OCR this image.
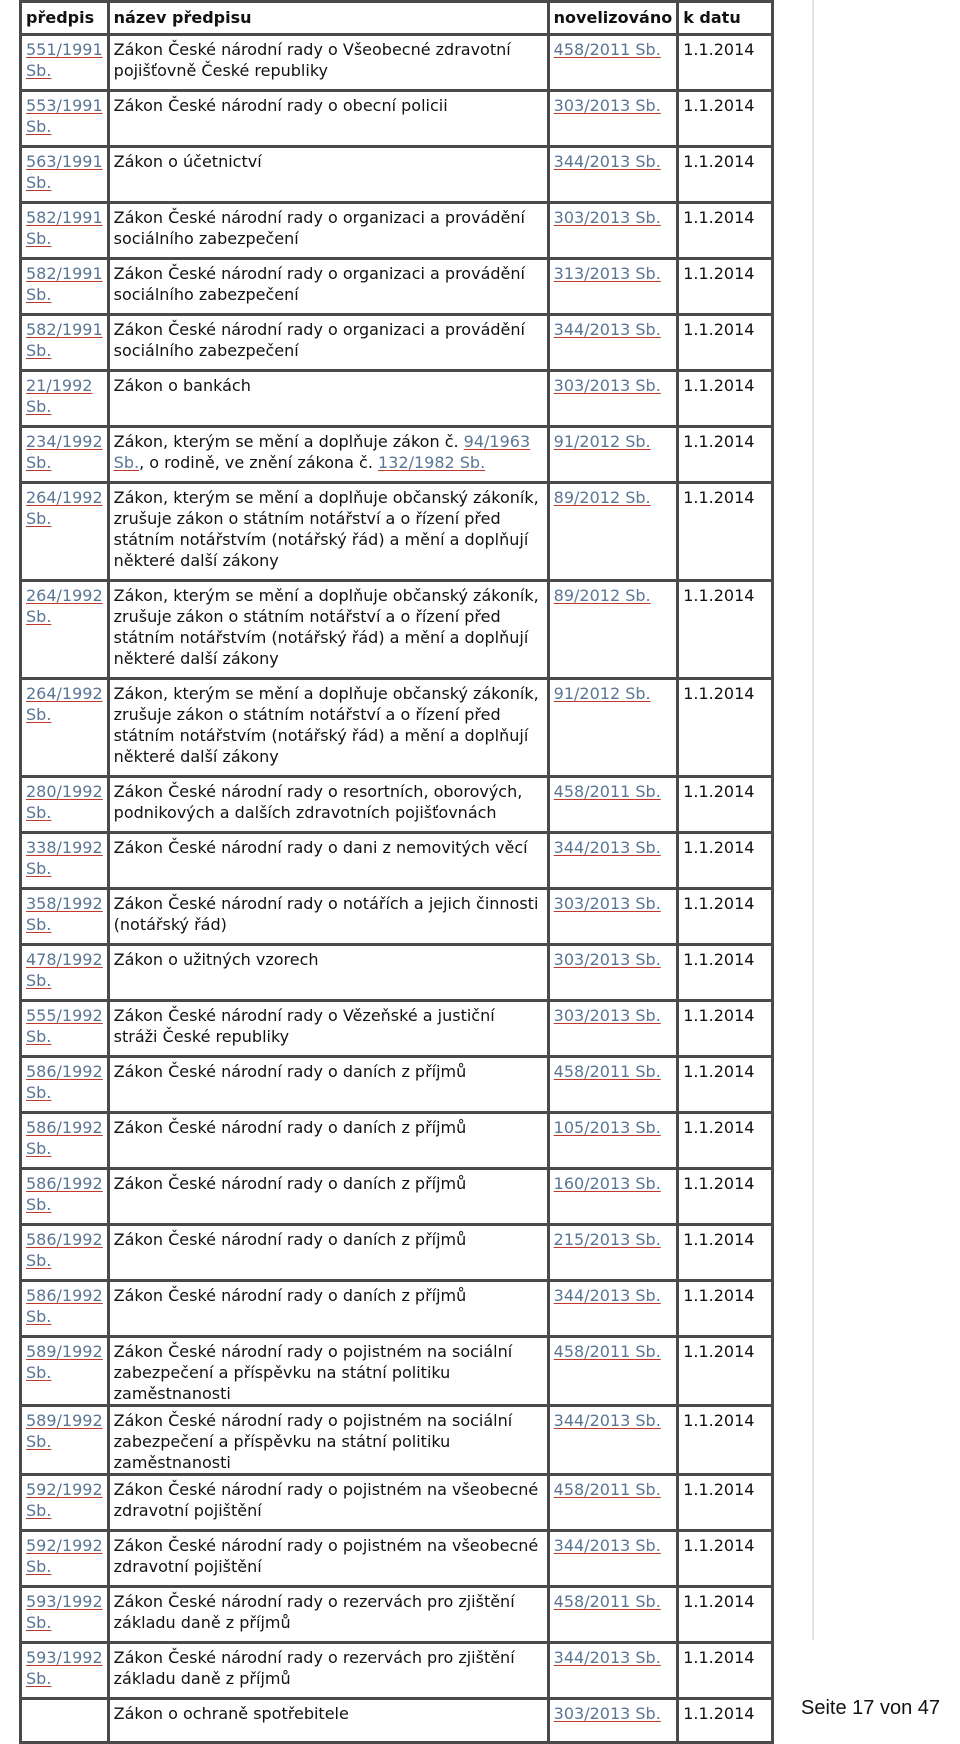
předpis	název předpisu	novelizováno	k datu
551/1991 Sb.	Zákon České národní rady o Všeobecné zdravotní pojišťovně České republiky	458/2011 Sb.	1.1.2014
553/1991 Sb.	Zákon České národní rady o obecní policii	303/2013 Sb.	1.1.2014
563/1991 Sb.	Zákon o účetnictví	344/2013 Sb.	1.1.2014
582/1991 Sb.	Zákon České národní rady o organizaci a provádění sociálního zabezpečení	303/2013 Sb.	1.1.2014
582/1991 Sb.	Zákon České národní rady o organizaci a provádění sociálního zabezpečení	313/2013 Sb.	1.1.2014
582/1991 Sb.	Zákon České národní rady o organizaci a provádění sociálního zabezpečení	344/2013 Sb.	1.1.2014
21/1992 Sb.	Zákon o bankách	303/2013 Sb.	1.1.2014
234/1992 Sb.	Zákon, kterým se mění a doplňuje zákon č. 94/1963 Sb., o rodině, ve znění zákona č. 132/1982 Sb.	91/2012 Sb.	1.1.2014
264/1992 Sb.	Zákon, kterým se mění a doplňuje občanský zákoník, zrušuje zákon o státním notářství a o řízení před státním notářstvím (notářský řád) a mění a doplňují některé další zákony	89/2012 Sb.	1.1.2014
264/1992 Sb.	Zákon, kterým se mění a doplňuje občanský zákoník, zrušuje zákon o státním notářství a o řízení před státním notářstvím (notářský řád) a mění a doplňují některé další zákony	89/2012 Sb.	1.1.2014
264/1992 Sb.	Zákon, kterým se mění a doplňuje občanský zákoník, zrušuje zákon o státním notářství a o řízení před státním notářstvím (notářský řád) a mění a doplňují některé další zákony	91/2012 Sb.	1.1.2014
280/1992 Sb.	Zákon České národní rady o resortních, oborových, podnikových a dalších zdravotních pojišťovnách	458/2011 Sb.	1.1.2014
338/1992 Sb.	Zákon České národní rady o dani z nemovitých věcí	344/2013 Sb.	1.1.2014
358/1992 Sb.	Zákon České národní rady o notářích a jejich činnosti (notářský řád)	303/2013 Sb.	1.1.2014
478/1992 Sb.	Zákon o užitných vzorech	303/2013 Sb.	1.1.2014
555/1992 Sb.	Zákon České národní rady o Vězeňské a justiční stráži České republiky	303/2013 Sb.	1.1.2014
586/1992 Sb.	Zákon České národní rady o daních z příjmů	458/2011 Sb.	1.1.2014
586/1992 Sb.	Zákon České národní rady o daních z příjmů	105/2013 Sb.	1.1.2014
586/1992 Sb.	Zákon České národní rady o daních z příjmů	160/2013 Sb.	1.1.2014
586/1992 Sb.	Zákon České národní rady o daních z příjmů	215/2013 Sb.	1.1.2014
586/1992 Sb.	Zákon České národní rady o daních z příjmů	344/2013 Sb.	1.1.2014
589/1992 Sb.	Zákon České národní rady o pojistném na sociální zabezpečení a příspěvku na státní politiku zaměstnanosti	458/2011 Sb.	1.1.2014
589/1992 Sb.	Zákon České národní rady o pojistném na sociální zabezpečení a příspěvku na státní politiku zaměstnanosti	344/2013 Sb.	1.1.2014
592/1992 Sb.	Zákon České národní rady o pojistném na všeobecné zdravotní pojištění	458/2011 Sb.	1.1.2014
592/1992 Sb.	Zákon České národní rady o pojistném na všeobecné zdravotní pojištění	344/2013 Sb.	1.1.2014
593/1992 Sb.	Zákon České národní rady o rezervách pro zjištění základu daně z příjmů	458/2011 Sb.	1.1.2014
593/1992 Sb.	Zákon České národní rady o rezervách pro zjištění základu daně z příjmů	344/2013 Sb.	1.1.2014
	Zákon o ochraně spotřebitele	303/2013 Sb.	1.1.2014 Seite 17 von 47
